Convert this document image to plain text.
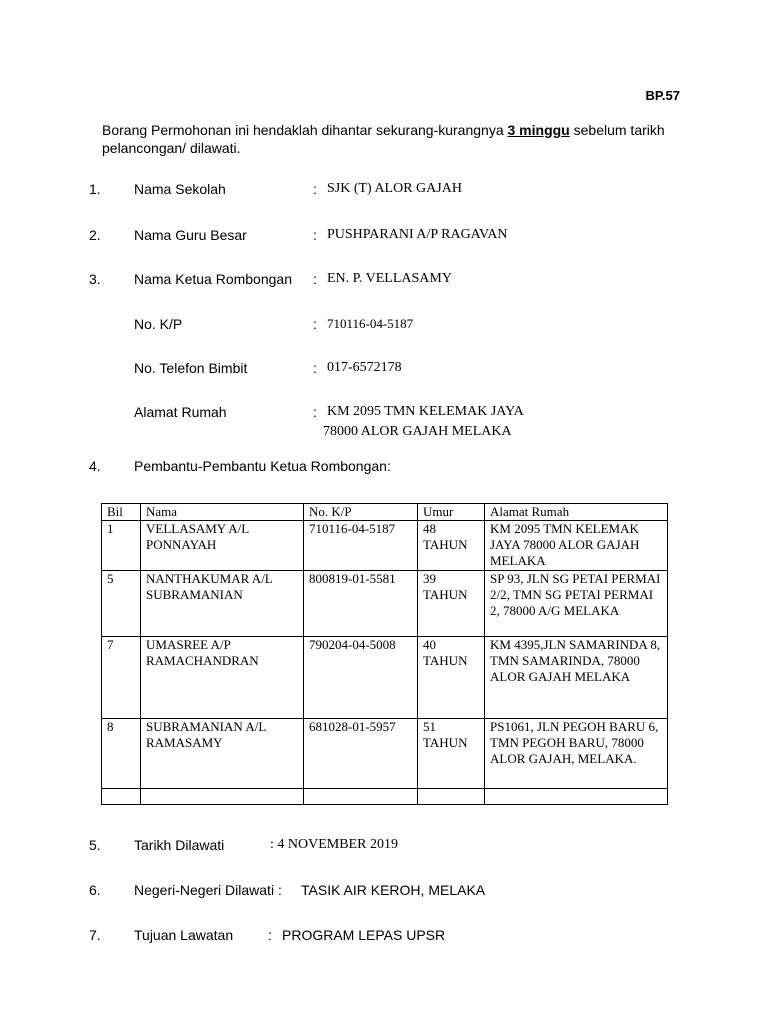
BP.57
Borang Permohonan ini hendaklah dihantar sekurang-kurangnya 3 minggu sebelum tarikh pelancongan/ dilawati.
1. Nama Sekolah	: SJK (T) ALOR GAJAH
2. Nama Guru Besar	: PUSHPARANI A/P RAGAVAN
3. Nama Ketua Rombongan : EN. P. VELLASAMY
No. K/P	: 710116-04-5187
No. Telefon Bimbit	: 017-6572178
Alamat Rumah	: KM 2095 TMN KELEMAK JAYA
78000 ALOR GAJAH MELAKA
4. Pembantu-Pembantu Ketua Rombongan:
Bil	Nama	No. K/P	Umur	Alamat Rumah
1	VELLASAMY A/L PONNAYAH	710116-04-5187	48 TAHUN	KM 2095 TMN KELEMAK JAYA 78000 ALOR GAJAH MELAKA
5	NANTHAKUMAR A/L SUBRAMANIAN	800819-01-5581	39 TAHUN	SP 93, JLN SG PETAI PERMAI 2/2, TMN SG PETAI PERMAI 2, 78000 A/G MELAKA
7	UMASREE A/P RAMACHANDRAN	790204-04-5008	40 TAHUN	KM 4395,JLN SAMARINDA 8, TMN SAMARINDA, 78000 ALOR GAJAH MELAKA
8	SUBRAMANIAN A/L RAMASAMY	681028-01-5957	51 TAHUN	PS1061, JLN PEGOH BARU 6, TMN PEGOH BARU, 78000 ALOR GAJAH, MELAKA.

5. Tarikh Dilawati	: 4 NOVEMBER 2019
6. Negeri-Negeri Dilawati : TASIK AIR KEROH, MELAKA
7. Tujuan Lawatan : PROGRAM LEPAS UPSR
